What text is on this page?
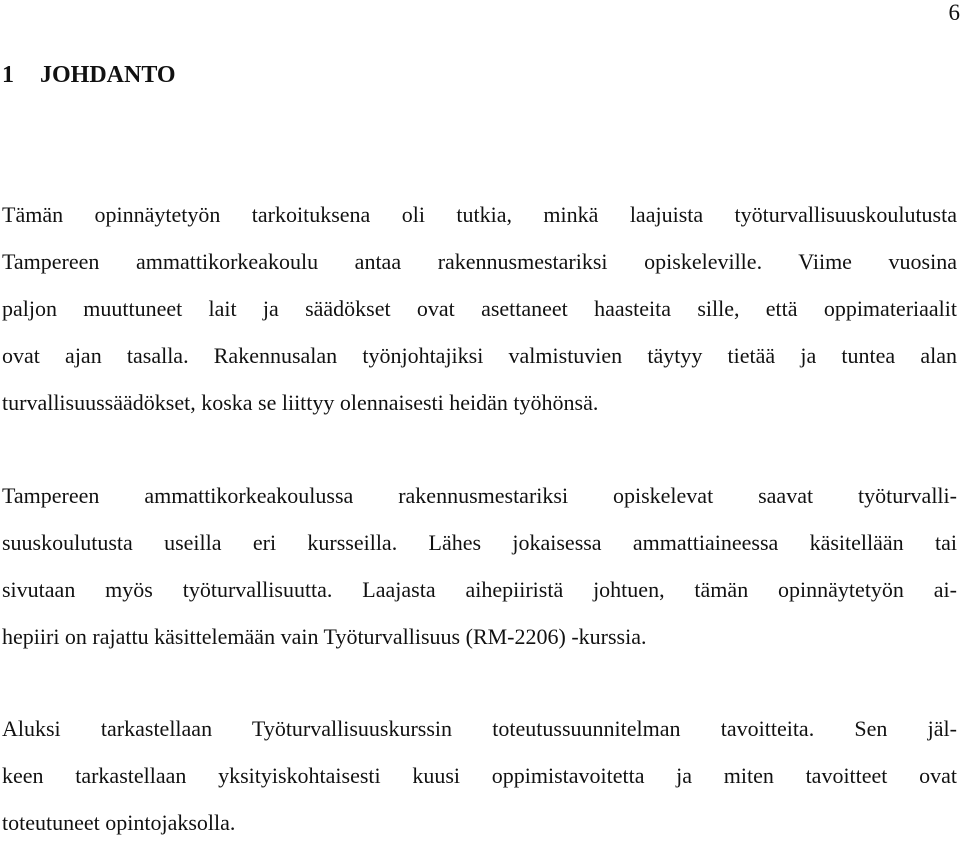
6
1 JOHDANTO
Tämän opinnäytetyön tarkoituksena oli tutkia, minkä laajuista työturvallisuuskoulutusta
Tampereen ammattikorkeakoulu antaa rakennusmestariksi opiskeleville. Viime vuosina
paljon muuttuneet lait ja säädökset ovat asettaneet haasteita sille, että oppimateriaalit
ovat ajan tasalla. Rakennusalan työnjohtajiksi valmistuvien täytyy tietää ja tuntea alan
turvallisuussäädökset, koska se liittyy olennaisesti heidän työhönsä.
Tampereen ammattikorkeakoulussa rakennusmestariksi opiskelevat saavat työturvalli-
suuskoulutusta useilla eri kursseilla. Lähes jokaisessa ammattiaineessa käsitellään tai
sivutaan myös työturvallisuutta. Laajasta aihepiiristä johtuen, tämän opinnäytetyön ai-
hepiiri on rajattu käsittelemään vain Työturvallisuus (RM-2206) -kurssia.
Aluksi tarkastellaan Työturvallisuuskurssin toteutussuunnitelman tavoitteita. Sen jäl-
keen tarkastellaan yksityiskohtaisesti kuusi oppimistavoitetta ja miten tavoitteet ovat
toteutuneet opintojaksolla.
